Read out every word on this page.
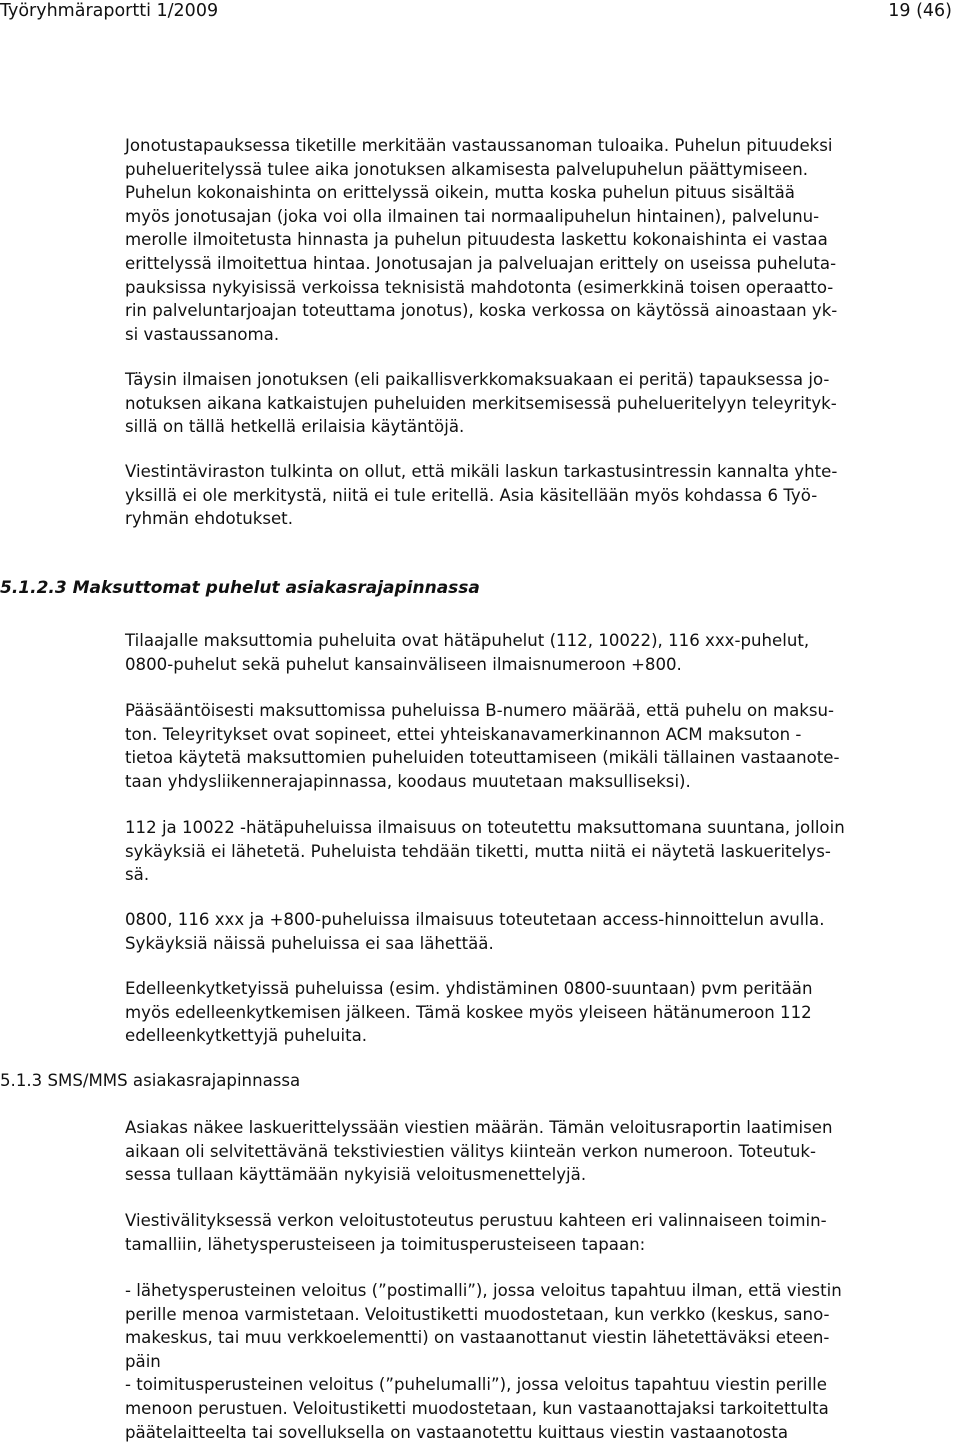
Työryhmäraportti 1/2009	19 (46)
Jonotustapauksessa tiketille merkitään vastaussanoman tuloaika. Puhelun pituudeksi
puhelueritelyssä tulee aika jonotuksen alkamisesta palvelupuhelun päättymiseen.
Puhelun kokonaishinta on erittelyssä oikein, mutta koska puhelun pituus sisältää
myös jonotusajan (joka voi olla ilmainen tai normaalipuhelun hintainen), palvelunu-
merolle ilmoitetusta hinnasta ja puhelun pituudesta laskettu kokonaishinta ei vastaa
erittelyssä ilmoitettua hintaa. Jonotusajan ja palveluajan erittely on useissa puheluta-
pauksissa nykyisissä verkoissa teknisistä mahdotonta (esimerkkinä toisen operaatto-
rin palveluntarjoajan toteuttama jonotus), koska verkossa on käytössä ainoastaan yk-
si vastaussanoma.
Täysin ilmaisen jonotuksen (eli paikallisverkkomaksuakaan ei peritä) tapauksessa jo-
notuksen aikana katkaistujen puheluiden merkitsemisessä puhelueritelyyn teleyrityk-
sillä on tällä hetkellä erilaisia käytäntöjä.
Viestintäviraston tulkinta on ollut, että mikäli laskun tarkastusintressin kannalta yhte-
yksillä ei ole merkitystä, niitä ei tule eritellä. Asia käsitellään myös kohdassa 6 Työ-
ryhmän ehdotukset.
5.1.2.3 Maksuttomat puhelut asiakasrajapinnassa
Tilaajalle maksuttomia puheluita ovat hätäpuhelut (112, 10022), 116 xxx-puhelut,
0800-puhelut sekä puhelut kansainväliseen ilmaisnumeroon +800.
Pääsääntöisesti maksuttomissa puheluissa B-numero määrää, että puhelu on maksu-
ton. Teleyritykset ovat sopineet, ettei yhteiskanavamerkinannon ACM maksuton -
tietoa käytetä maksuttomien puheluiden toteuttamiseen (mikäli tällainen vastaanote-
taan yhdysliikennerajapinnassa, koodaus muutetaan maksulliseksi).
112 ja 10022 -hätäpuheluissa ilmaisuus on toteutettu maksuttomana suuntana, jolloin
sykäyksiä ei lähetetä. Puheluista tehdään tiketti, mutta niitä ei näytetä laskueritelys-
sä.
0800, 116 xxx ja +800-puheluissa ilmaisuus toteutetaan access-hinnoittelun avulla.
Sykäyksiä näissä puheluissa ei saa lähettää.
Edelleenkytketyissä puheluissa (esim. yhdistäminen 0800-suuntaan) pvm peritään
myös edelleenkytkemisen jälkeen. Tämä koskee myös yleiseen hätänumeroon 112
edelleenkytkettyjä puheluita.
5.1.3 SMS/MMS asiakasrajapinnassa
Asiakas näkee laskuerittelyssään viestien määrän. Tämän veloitusraportin laatimisen
aikaan oli selvitettävänä tekstiviestien välitys kiinteän verkon numeroon. Toteutuk-
sessa tullaan käyttämään nykyisiä veloitusmenettelyjä.
Viestivälityksessä verkon veloitustoteutus perustuu kahteen eri valinnaiseen toimin-
tamalliin, lähetysperusteiseen ja toimitusperusteiseen tapaan:
- lähetysperusteinen veloitus (”postimalli”), jossa veloitus tapahtuu ilman, että viestin
perille menoa varmistetaan. Veloitustiketti muodostetaan, kun verkko (keskus, sano-
makeskus, tai muu verkkoelementti) on vastaanottanut viestin lähetettäväksi eteen-
päin
- toimitusperusteinen veloitus (”puhelumalli”), jossa veloitus tapahtuu viestin perille
menoon perustuen. Veloitustiketti muodostetaan, kun vastaanottajaksi tarkoitettulta
päätelaitteelta tai sovelluksella on vastaanotettu kuittaus viestin vastaanotosta
